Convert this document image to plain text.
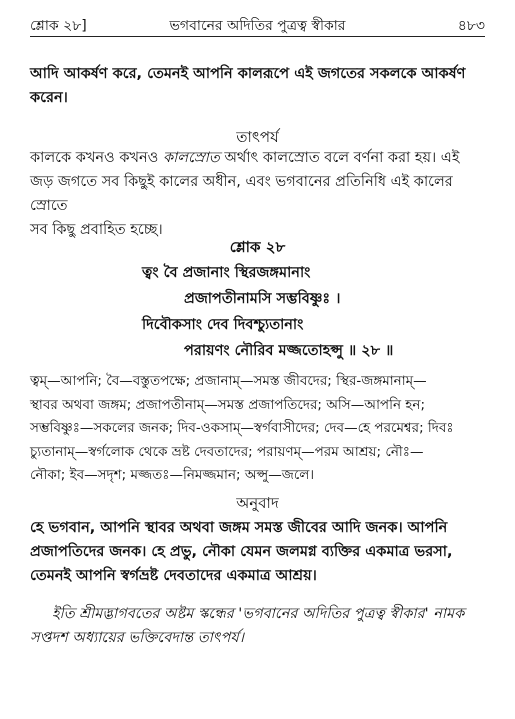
শ্লোক ২৮]	ভগবানের অদিতির পুত্রত্ব স্বীকার	৪৮৩
আদি আকর্ষণ করে, তেমনই আপনি কালরূপে এই জগতের সকলকে আকর্ষণ
করেন।
তাৎপর্য
কালকে কখনও কখনও কালস্রোত অর্থাৎ কালস্রোত বলে বর্ণনা করা হয়। এই
জড় জগতে সব কিছুই কালের অধীন, এবং ভগবানের প্রতিনিধি এই কালের স্রোতে
সব কিছু প্রবাহিত হচ্ছে।
শ্লোক ২৮
ত্বং বৈ প্রজানাং স্থিরজঙ্গমানাং
প্রজাপতীনামসি সম্ভবিষ্ণুঃ ।
দিবৌকসাং দেব দিবশ্চ্যুতানাং
পরায়ণং নৌরিব মজ্জতোহপ্সু ॥ ২৮ ॥
ত্বম্—আপনি; বৈ—বস্তুতপক্ষে; প্রজানাম্—সমস্ত জীবদের; স্থির-জঙ্গমানাম্—
স্থাবর অথবা জঙ্গম; প্রজাপতীনাম্—সমস্ত প্রজাপতিদের; অসি—আপনি হন;
সম্ভবিষ্ণুঃ—সকলের জনক; দিব-ওকসাম্—স্বর্গবাসীদের; দেব—হে পরমেশ্বর; দিবঃ
চ্যুতানাম্—স্বর্গলোক থেকে ভ্রষ্ট দেবতাদের; পরায়ণম্—পরম আশ্রয়; নৌঃ—
নৌকা; ইব—সদৃশ; মজ্জতঃ—নিমজ্জমান; অপ্সু—জলে।
অনুবাদ
হে ভগবান, আপনি স্থাবর অথবা জঙ্গম সমস্ত জীবের আদি জনক। আপনি
প্রজাপতিদের জনক। হে প্রভু, নৌকা যেমন জলমগ্ন ব্যক্তির একমাত্র ভরসা,
তেমনই আপনি স্বর্গভ্রষ্ট দেবতাদের একমাত্র আশ্রয়।
ইতি শ্রীমদ্ভাগবতের অষ্টম স্কন্ধের 'ভগবানের অদিতির পুত্রত্ব স্বীকার' নামক
সপ্তদশ অধ্যায়ের ভক্তিবেদান্ত তাৎপর্য।
